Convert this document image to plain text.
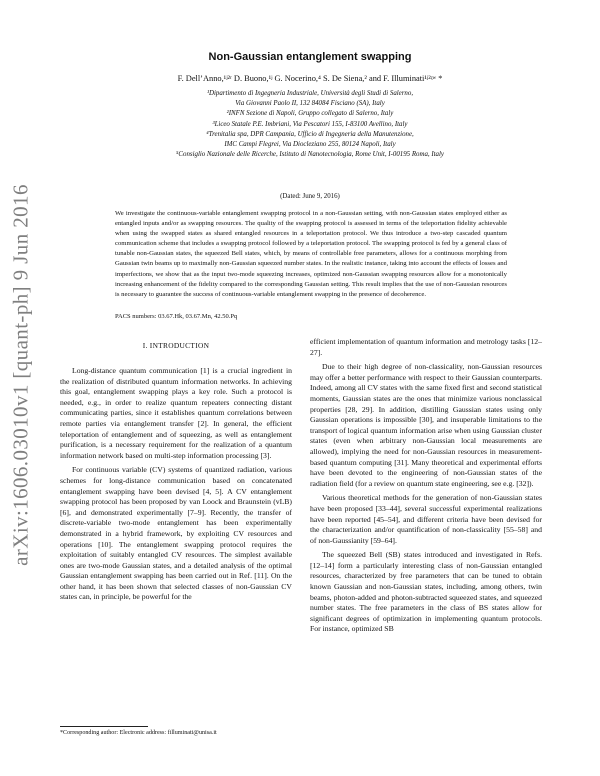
arXiv:1606.03010v1 [quant-ph] 9 Jun 2016
Non-Gaussian entanglement swapping
F. Dell’Anno,¹ʲ²ʳ D. Buono,¹ʲ G. Nocerino,⁴ S. De Siena,² and F. Illuminati¹ʲ²ʵʷ *
¹Dipartimento di Ingegneria Industriale, Università degli Studi di Salerno,
Via Giovanni Paolo II, 132 84084 Fisciano (SA), Italy
²INFN Sezione di Napoli, Gruppo collegato di Salerno, Italy
³Liceo Statale P.E. Imbriani, Via Pescatori 155, I-83100 Avellino, Italy
⁴Trenitalia spa, DPR Campania, Ufficio di Ingegneria della Manutenzione,
IMC Campi Flegrei, Via Diocleziano 255, 80124 Napoli, Italy
⁵Consiglio Nazionale delle Ricerche, Istituto di Nanotecnologia, Rome Unit, I-00195 Roma, Italy
(Dated: June 9, 2016)
We investigate the continuous-variable entanglement swapping protocol in a non-Gaussian setting, with non-Gaussian states employed either as entangled inputs and/or as swapping resources. The quality of the swapping protocol is assessed in terms of the teleportation fidelity achievable when using the swapped states as shared entangled resources in a teleportation protocol. We thus introduce a two-step cascaded quantum communication scheme that includes a swapping protocol followed by a teleportation protocol. The swapping protocol is fed by a general class of tunable non-Gaussian states, the squeezed Bell states, which, by means of controllable free parameters, allows for a continuous morphing from Gaussian twin beams up to maximally non-Gaussian squeezed number states. In the realistic instance, taking into account the effects of losses and imperfections, we show that as the input two-mode squeezing increases, optimized non-Gaussian swapping resources allow for a monotonically increasing enhancement of the fidelity compared to the corresponding Gaussian setting. This result implies that the use of non-Gaussian resources is necessary to guarantee the success of continuous-variable entanglement swapping in the presence of decoherence.
PACS numbers: 03.67.Hk, 03.67.Mn, 42.50.Pq
I. INTRODUCTION

Long-distance quantum communication [1] is a crucial ingredient in the realization of distributed quantum information networks. In achieving this goal, entanglement swapping plays a key role. Such a protocol is needed, e.g., in order to realize quantum repeaters connecting distant communicating parties, since it establishes quantum correlations between remote parties via entanglement transfer [2]. In general, the efficient teleportation of entanglement and of squeezing, as well as entanglement purification, is a necessary requirement for the realization of a quantum information network based on multi-step information processing [3].

For continuous variable (CV) systems of quantized radiation, various schemes for long-distance communication based on concatenated entanglement swapping have been devised [4, 5]. A CV entanglement swapping protocol has been proposed by van Loock and Braunstein (vLB) [6], and demonstrated experimentally [7–9]. Recently, the transfer of discrete-variable two-mode entanglement has been experimentally demonstrated in a hybrid framework, by exploiting CV resources and operations [10]. The entanglement swapping protocol requires the exploitation of suitably entangled CV resources. The simplest available ones are two-mode Gaussian states, and a detailed analysis of the optimal Gaussian entanglement swapping has been carried out in Ref. [11]. On the other hand, it has been shown that selected classes of non-Gaussian CV states can, in principle, be powerful for the

efficient implementation of quantum information and metrology tasks [12–27].

Due to their high degree of non-classicality, non-Gaussian resources may offer a better performance with respect to their Gaussian counterparts. Indeed, among all CV states with the same fixed first and second statistical moments, Gaussian states are the ones that minimize various nonclassical properties [28, 29]. In addition, distilling Gaussian states using only Gaussian operations is impossible [30], and insuperable limitations to the transport of logical quantum information arise when using Gaussian cluster states (even when arbitrary non-Gaussian local measurements are allowed), implying the need for non-Gaussian resources in measurement-based quantum computing [31]. Many theoretical and experimental efforts have been devoted to the engineering of non-Gaussian states of the radiation field (for a review on quantum state engineering, see e.g. [32]).

Various theoretical methods for the generation of non-Gaussian states have been proposed [33–44], several successful experimental realizations have been reported [45–54], and different criteria have been devised for the characterization and/or quantification of non-classicality [55–58] and of non-Gaussianity [59–64].

The squeezed Bell (SB) states introduced and investigated in Refs. [12–14] form a particularly interesting class of non-Gaussian entangled resources, characterized by free parameters that can be tuned to obtain known Gaussian and non-Gaussian states, including, among others, twin beams, photon-added and photon-subtracted squeezed states, and squeezed number states. The free parameters in the class of BS states allow for significant degrees of optimization in implementing quantum protocols. For instance, optimized SB

*Corresponding author: Electronic address: filluminati@unisa.it
